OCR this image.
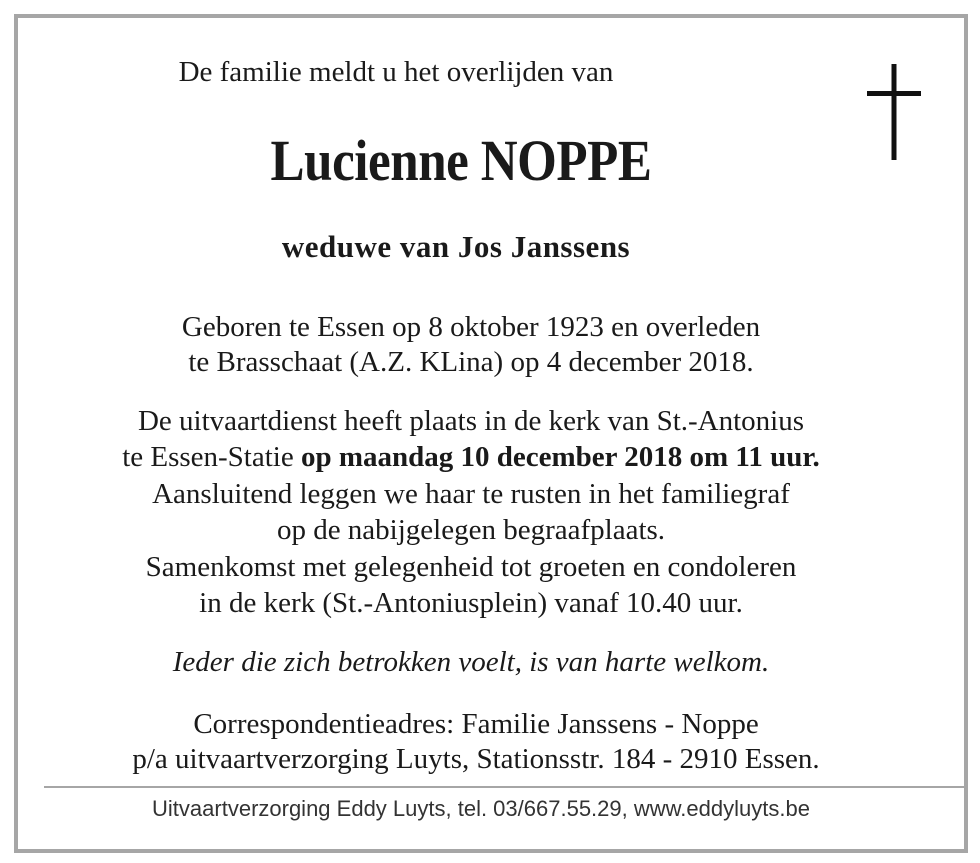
De familie meldt u het overlijden van
Lucienne NOPPE
weduwe van Jos Janssens
Geboren te Essen op 8 oktober 1923 en overleden
te Brasschaat (A.Z. KLina) op 4 december 2018.
De uitvaartdienst heeft plaats in de kerk van St.-Antonius
te Essen-Statie op maandag 10 december 2018 om 11 uur.
Aansluitend leggen we haar te rusten in het familiegraf
op de nabijgelegen begraafplaats.
Samenkomst met gelegenheid tot groeten en condoleren
in de kerk (St.-Antoniusplein) vanaf 10.40 uur.
Ieder die zich betrokken voelt, is van harte welkom.
Correspondentieadres: Familie Janssens - Noppe
p/a uitvaartverzorging Luyts, Stationsstr. 184 - 2910 Essen.
Uitvaartverzorging Eddy Luyts, tel. 03/667.55.29, www.eddyluyts.be
